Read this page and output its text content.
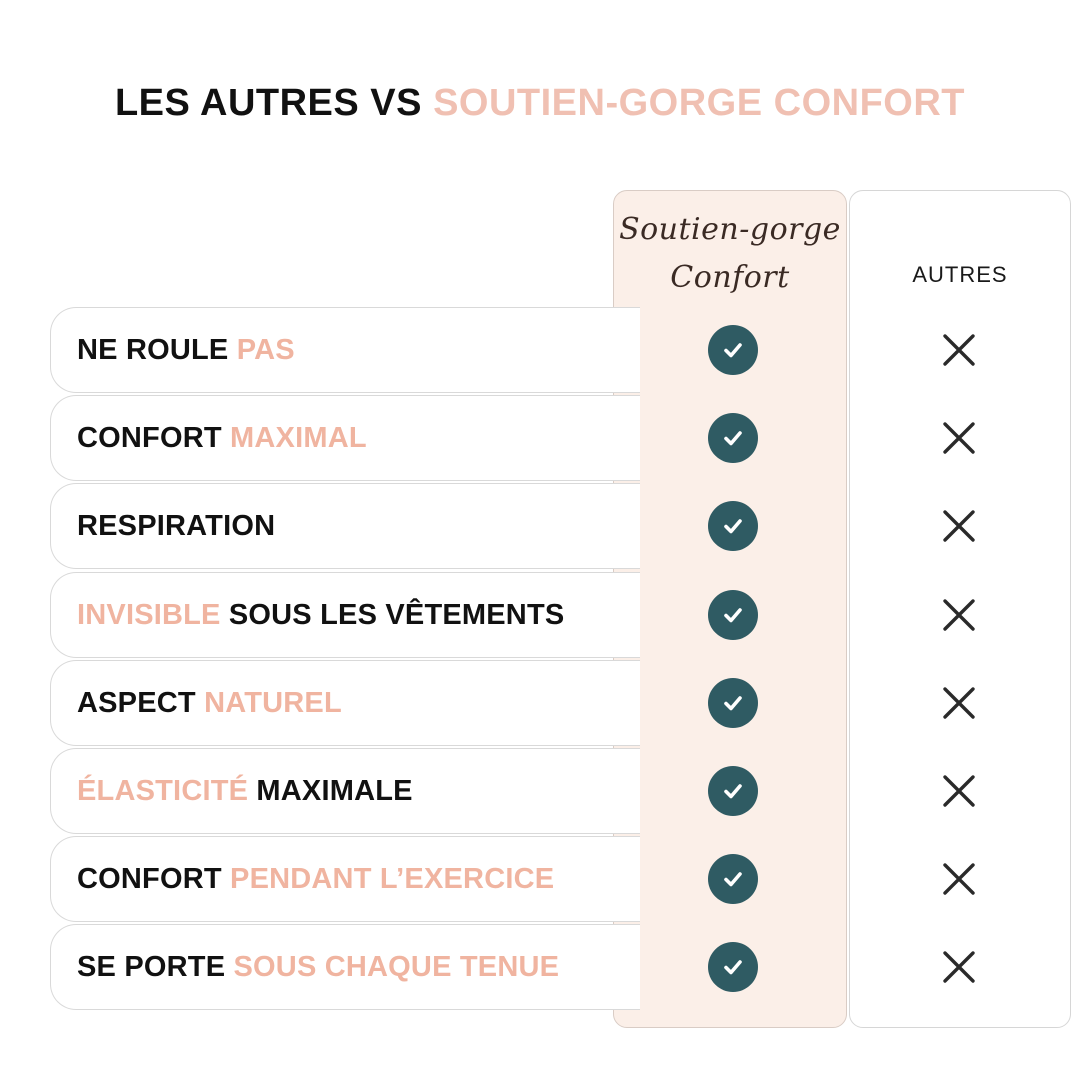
LES AUTRES VS SOUTIEN-GORGE CONFORT
Soutien-gorge
Confort	AUTRES
NE ROULE PAS
CONFORT MAXIMAL
RESPIRATION
INVISIBLE SOUS LES VÊTEMENTS
ASPECT NATUREL
ÉLASTICITÉ MAXIMALE
CONFORT PENDANT L’EXERCICE
SE PORTE SOUS CHAQUE TENUE
